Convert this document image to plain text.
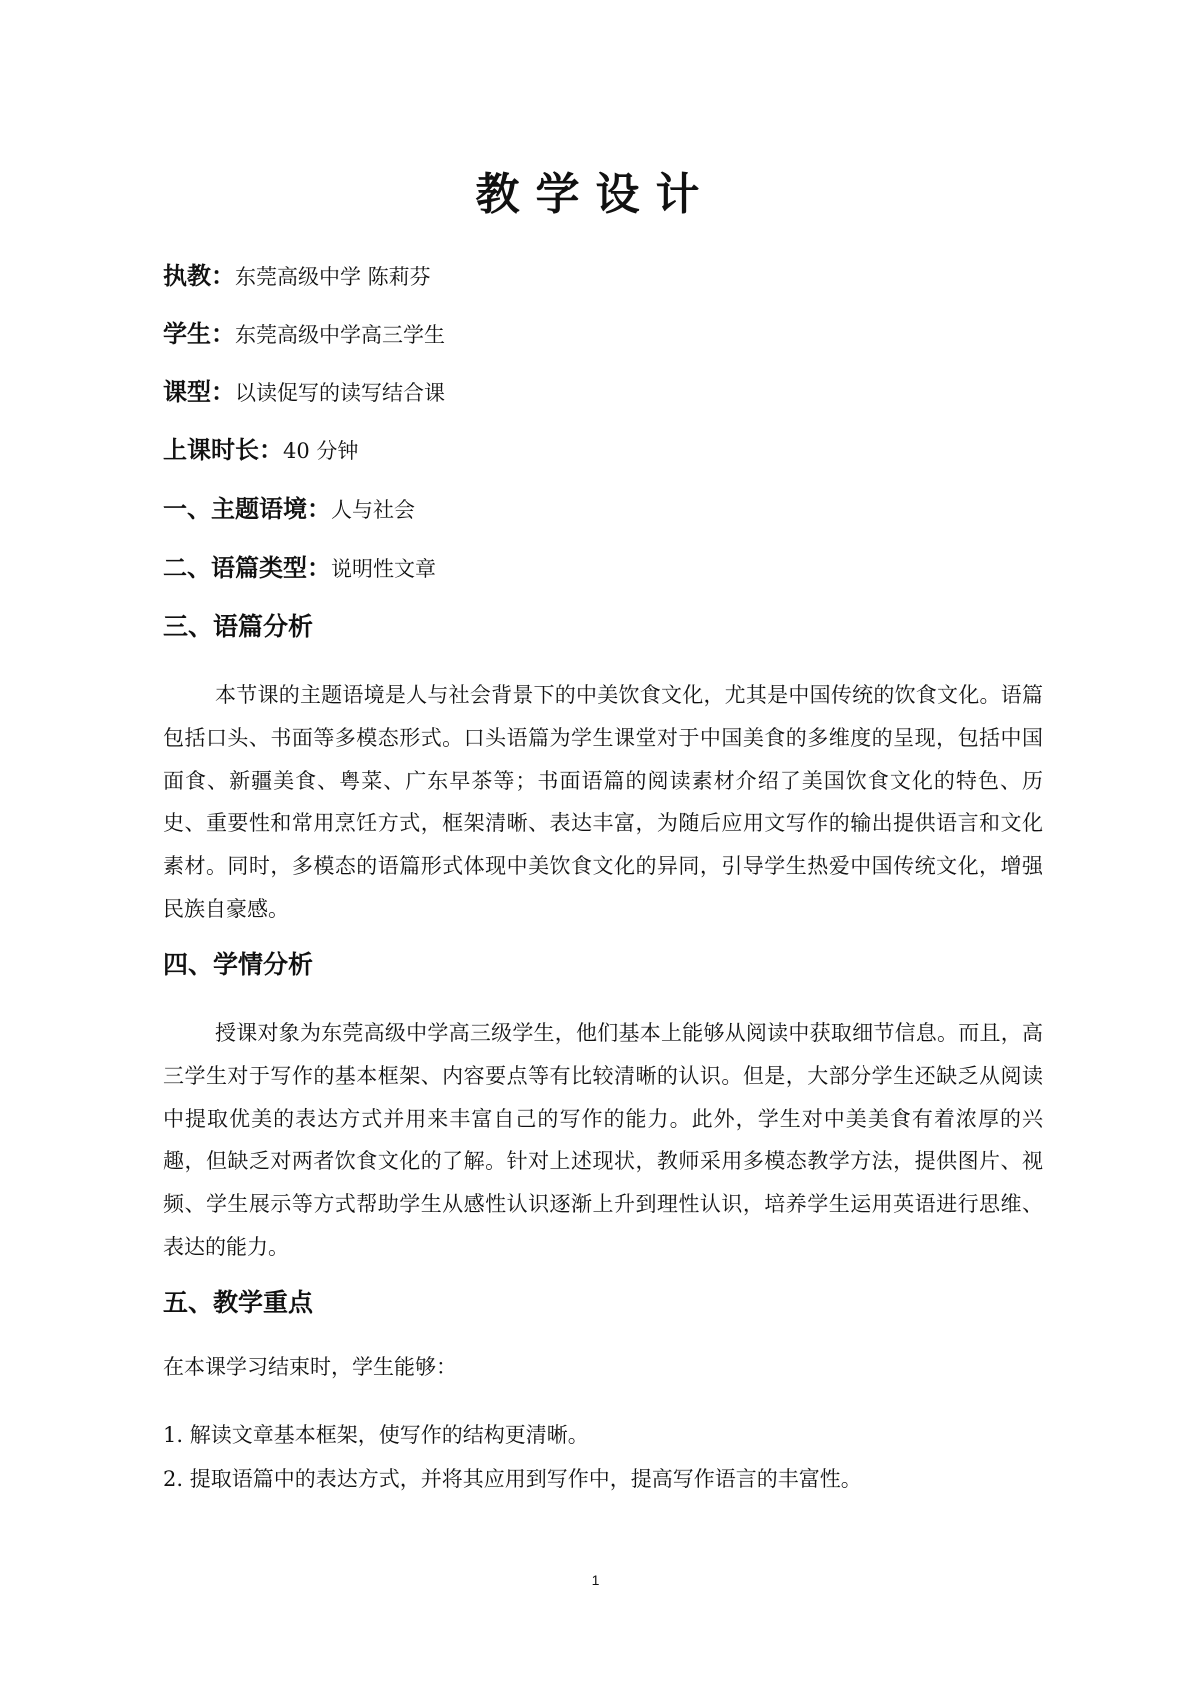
教学设计
执教：东莞高级中学 陈莉芬
学生：东莞高级中学高三学生
课型：以读促写的读写结合课
上课时长：40 分钟
一、主题语境：人与社会
二、语篇类型：说明性文章
三、语篇分析
本节课的主题语境是人与社会背景下的中美饮食文化，尤其是中国传统的饮食文化。语篇包括口头、书面等多模态形式。口头语篇为学生课堂对于中国美食的多维度的呈现，包括中国面食、新疆美食、粤菜、广东早茶等；书面语篇的阅读素材介绍了美国饮食文化的特色、历史、重要性和常用烹饪方式，框架清晰、表达丰富，为随后应用文写作的输出提供语言和文化素材。同时，多模态的语篇形式体现中美饮食文化的异同，引导学生热爱中国传统文化，增强民族自豪感。
四、学情分析
授课对象为东莞高级中学高三级学生，他们基本上能够从阅读中获取细节信息。而且，高三学生对于写作的基本框架、内容要点等有比较清晰的认识。但是，大部分学生还缺乏从阅读中提取优美的表达方式并用来丰富自己的写作的能力。此外，学生对中美美食有着浓厚的兴趣，但缺乏对两者饮食文化的了解。针对上述现状，教师采用多模态教学方法，提供图片、视频、学生展示等方式帮助学生从感性认识逐渐上升到理性认识，培养学生运用英语进行思维、表达的能力。
五、教学重点
在本课学习结束时，学生能够：
1. 解读文章基本框架，使写作的结构更清晰。
2. 提取语篇中的表达方式，并将其应用到写作中，提高写作语言的丰富性。
1
